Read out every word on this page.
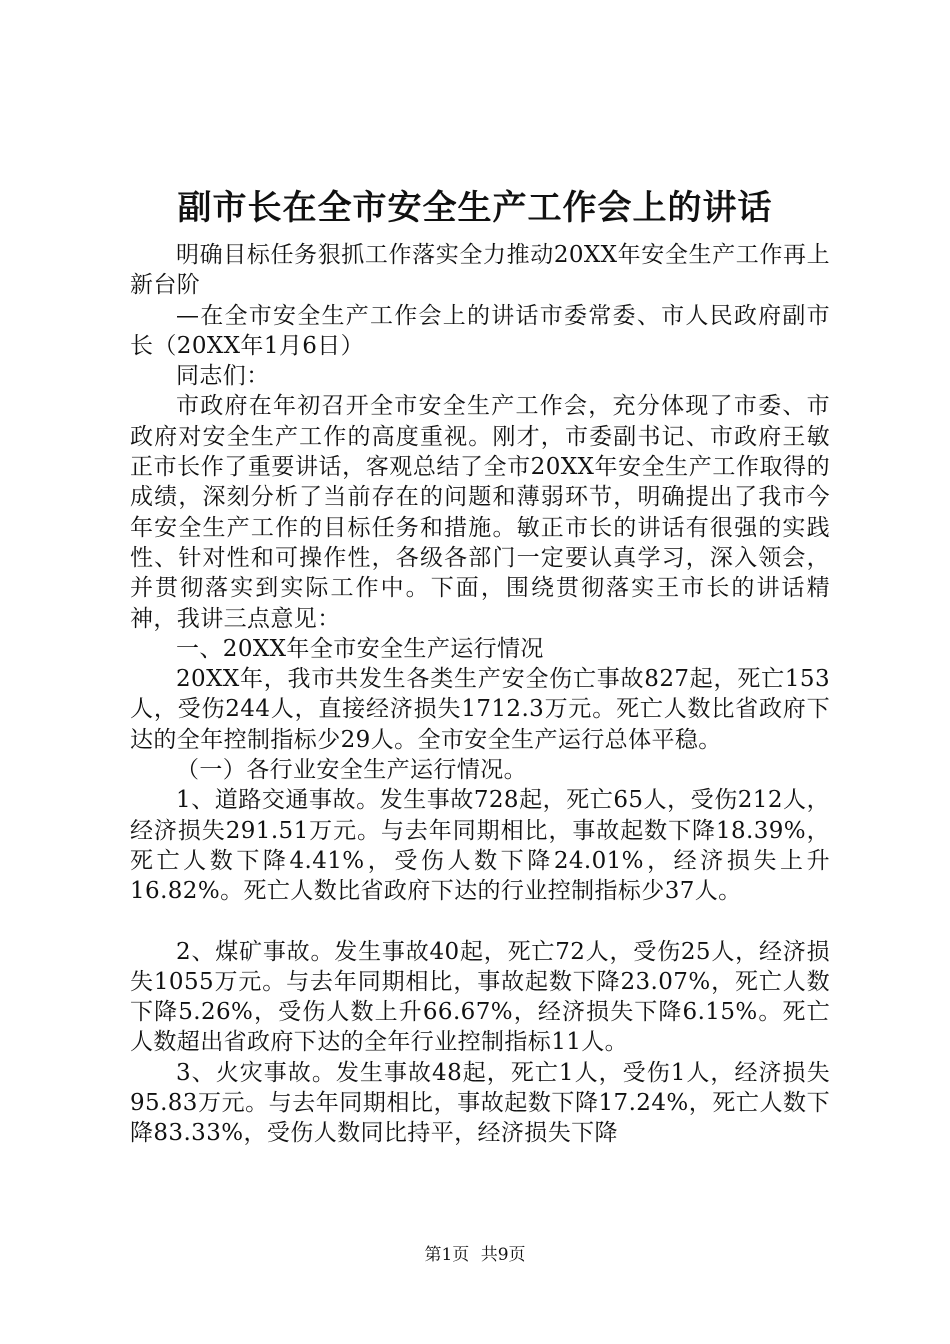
副市长在全市安全生产工作会上的讲话

明确目标任务狠抓工作落实全力推动20XX年安全生产工作再上新台阶

—在全市安全生产工作会上的讲话市委常委、市人民政府副市长（20XX年1月6日）

同志们：

市政府在年初召开全市安全生产工作会，充分体现了市委、市政府对安全生产工作的高度重视。刚才，市委副书记、市政府王敏正市长作了重要讲话，客观总结了全市20XX年安全生产工作取得的成绩，深刻分析了当前存在的问题和薄弱环节，明确提出了我市今年安全生产工作的目标任务和措施。敏正市长的讲话有很强的实践性、针对性和可操作性，各级各部门一定要认真学习，深入领会，并贯彻落实到实际工作中。下面，围绕贯彻落实王市长的讲话精神，我讲三点意见：

一、20XX年全市安全生产运行情况

20XX年，我市共发生各类生产安全伤亡事故827起，死亡153人，受伤244人，直接经济损失1712.3万元。死亡人数比省政府下达的全年控制指标少29人。全市安全生产运行总体平稳。

（一）各行业安全生产运行情况。

1、道路交通事故。发生事故728起，死亡65人，受伤212人，经济损失291.51万元。与去年同期相比，事故起数下降18.39%，死亡人数下降4.41%，受伤人数下降24.01%，经济损失上升16.82%。死亡人数比省政府下达的行业控制指标少37人。

2、煤矿事故。发生事故40起，死亡72人，受伤25人，经济损失1055万元。与去年同期相比，事故起数下降23.07%，死亡人数下降5.26%，受伤人数上升66.67%，经济损失下降6.15%。死亡人数超出省政府下达的全年行业控制指标11人。

3、火灾事故。发生事故48起，死亡1人，受伤1人，经济损失95.83万元。与去年同期相比，事故起数下降17.24%，死亡人数下降83.33%，受伤人数同比持平，经济损失下降

第1页 共9页
